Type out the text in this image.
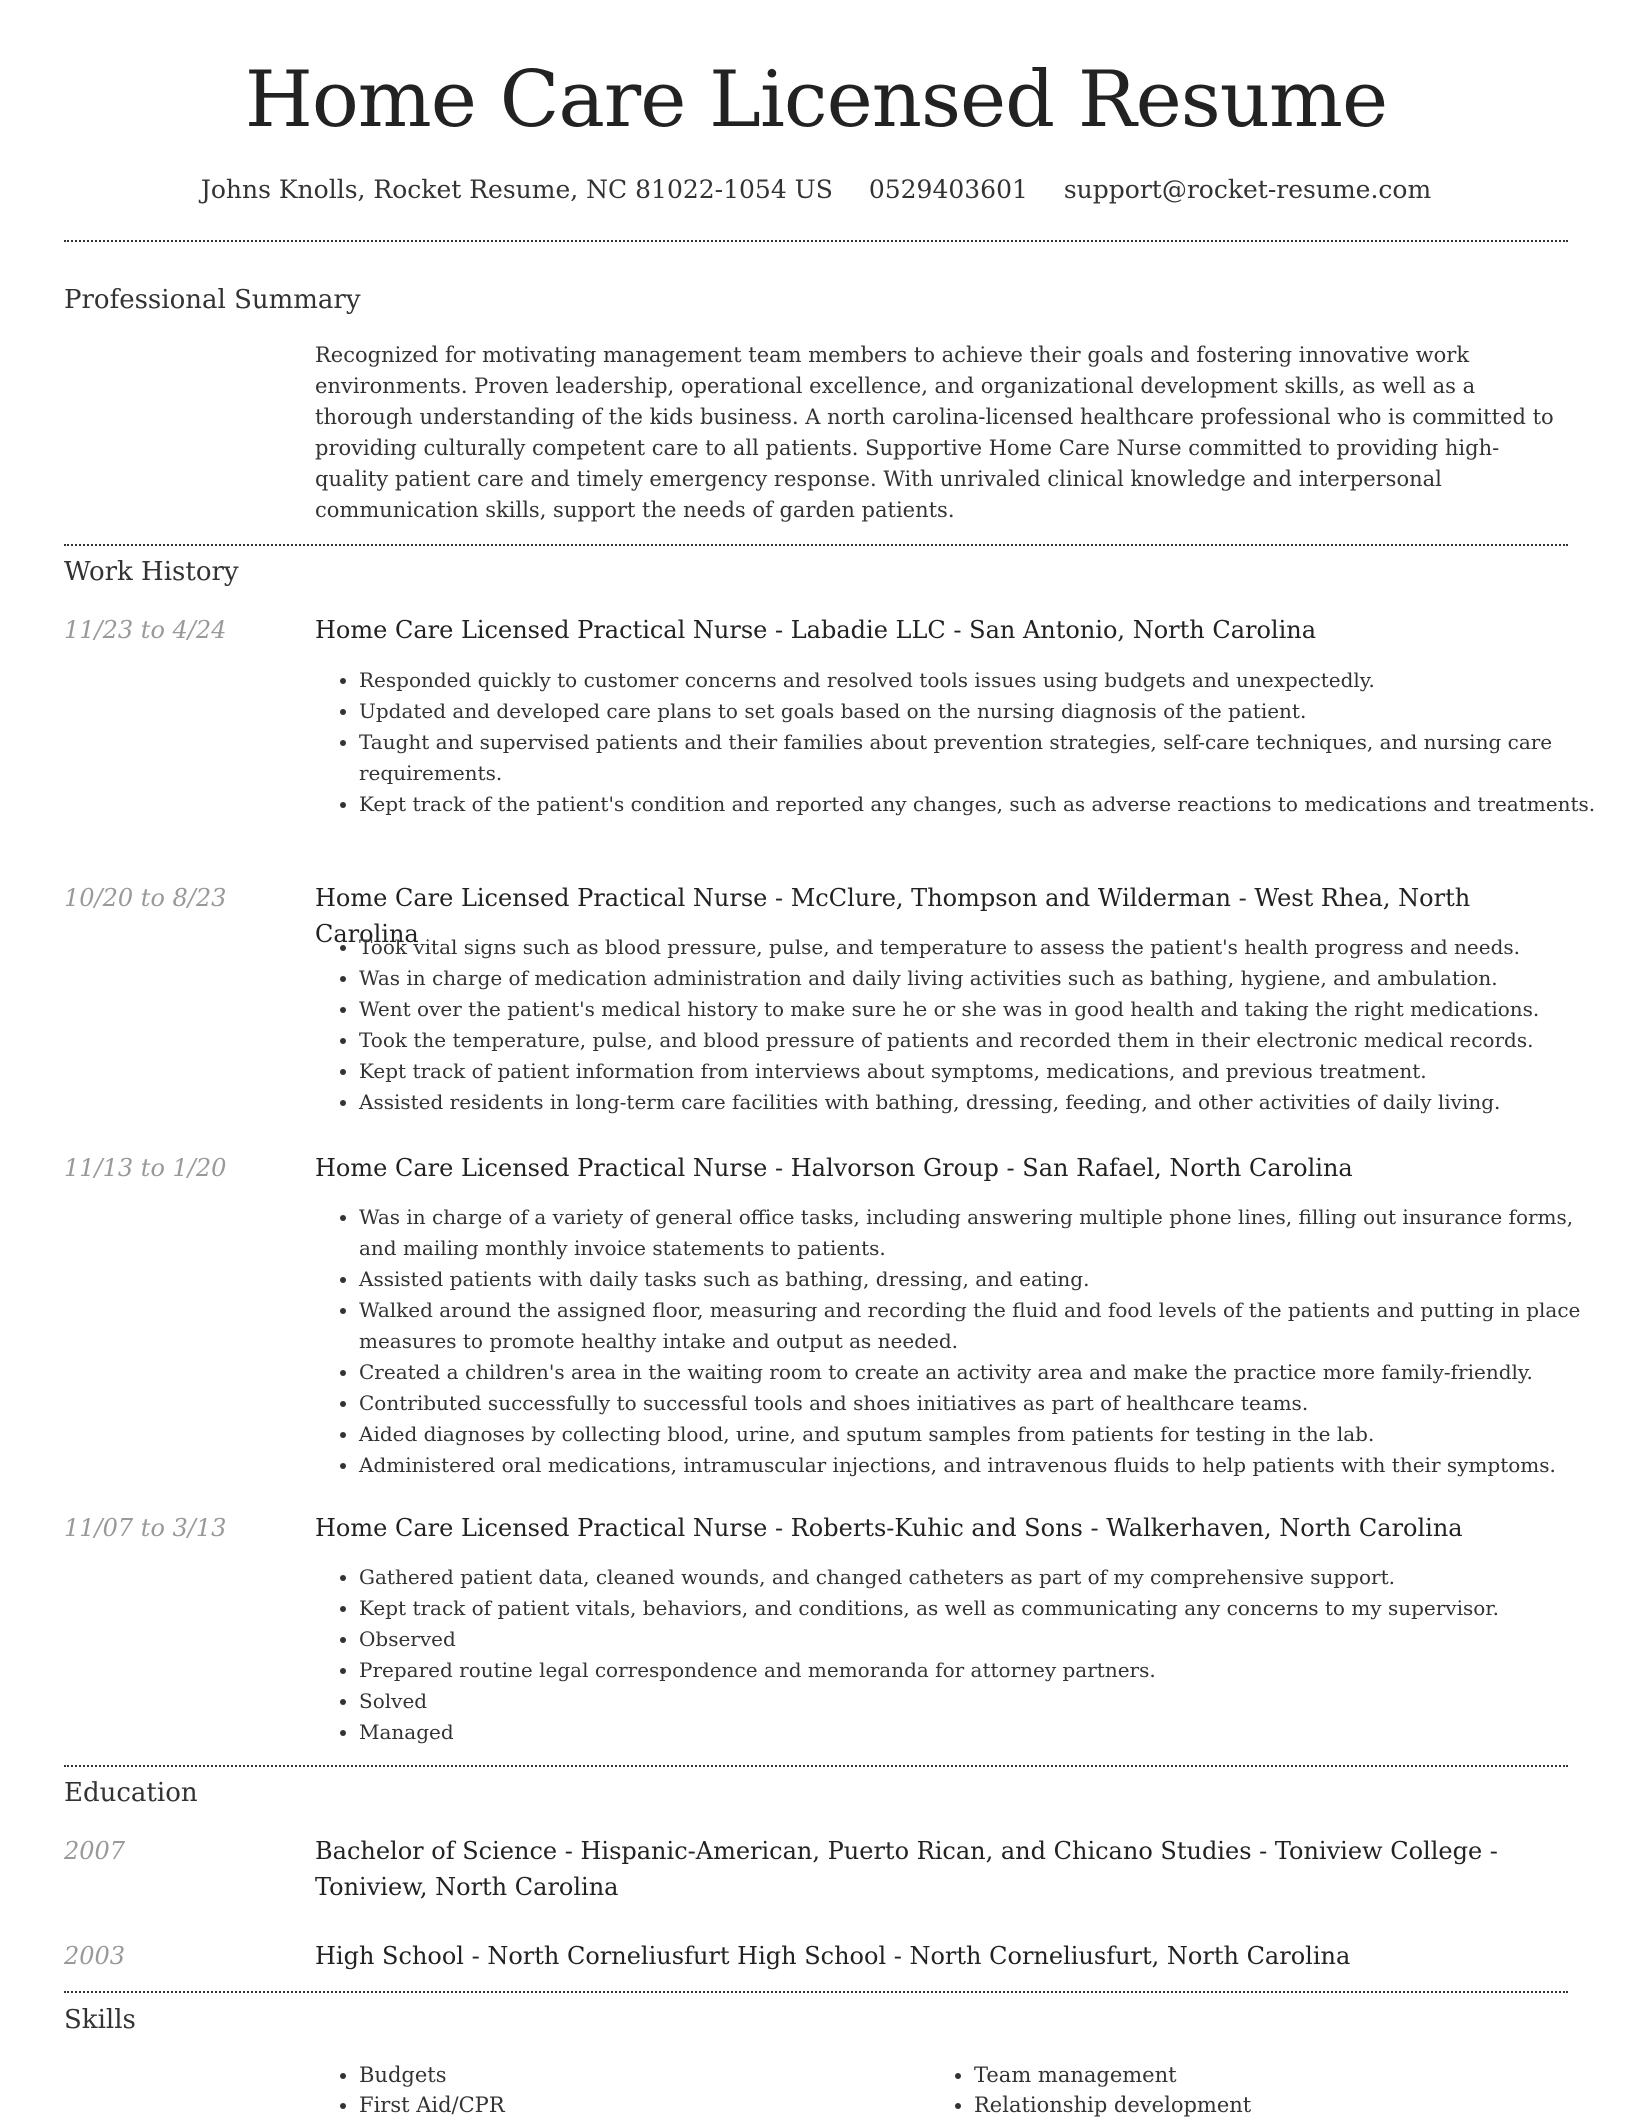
Home Care Licensed Resume
Johns Knolls, Rocket Resume, NC 81022-1054 US 0529403601 support@rocket-resume.com
Professional Summary
Recognized for motivating management team members to achieve their goals and fostering innovative work environments. Proven leadership, operational excellence, and organizational development skills, as well as a thorough understanding of the kids business. A north carolina-licensed healthcare professional who is committed to providing culturally competent care to all patients. Supportive Home Care Nurse committed to providing high-quality patient care and timely emergency response. With unrivaled clinical knowledge and interpersonal communication skills, support the needs of garden patients.
Work History
11/23 to 4/24	Home Care Licensed Practical Nurse - Labadie LLC - San Antonio, North Carolina
• Responded quickly to customer concerns and resolved tools issues using budgets and unexpectedly.
• Updated and developed care plans to set goals based on the nursing diagnosis of the patient.
• Taught and supervised patients and their families about prevention strategies, self-care techniques, and nursing care requirements.
• Kept track of the patient's condition and reported any changes, such as adverse reactions to medications and treatments.
10/20 to 8/23	Home Care Licensed Practical Nurse - McClure, Thompson and Wilderman - West Rhea, North Carolina
• Took vital signs such as blood pressure, pulse, and temperature to assess the patient's health progress and needs.
• Was in charge of medication administration and daily living activities such as bathing, hygiene, and ambulation.
• Went over the patient's medical history to make sure he or she was in good health and taking the right medications.
• Took the temperature, pulse, and blood pressure of patients and recorded them in their electronic medical records.
• Kept track of patient information from interviews about symptoms, medications, and previous treatment.
• Assisted residents in long-term care facilities with bathing, dressing, feeding, and other activities of daily living.
11/13 to 1/20	Home Care Licensed Practical Nurse - Halvorson Group - San Rafael, North Carolina
• Was in charge of a variety of general office tasks, including answering multiple phone lines, filling out insurance forms, and mailing monthly invoice statements to patients.
• Assisted patients with daily tasks such as bathing, dressing, and eating.
• Walked around the assigned floor, measuring and recording the fluid and food levels of the patients and putting in place measures to promote healthy intake and output as needed.
• Created a children's area in the waiting room to create an activity area and make the practice more family-friendly.
• Contributed successfully to successful tools and shoes initiatives as part of healthcare teams.
• Aided diagnoses by collecting blood, urine, and sputum samples from patients for testing in the lab.
• Administered oral medications, intramuscular injections, and intravenous fluids to help patients with their symptoms.
11/07 to 3/13	Home Care Licensed Practical Nurse - Roberts-Kuhic and Sons - Walkerhaven, North Carolina
• Gathered patient data, cleaned wounds, and changed catheters as part of my comprehensive support.
• Kept track of patient vitals, behaviors, and conditions, as well as communicating any concerns to my supervisor.
• Observed
• Prepared routine legal correspondence and memoranda for attorney partners.
• Solved
• Managed
Education
2007	Bachelor of Science - Hispanic-American, Puerto Rican, and Chicano Studies - Toniview College - Toniview, North Carolina
2003	High School - North Corneliusfurt High School - North Corneliusfurt, North Carolina
Skills
• Budgets
• First Aid/CPR
• Team management
• Relationship development
